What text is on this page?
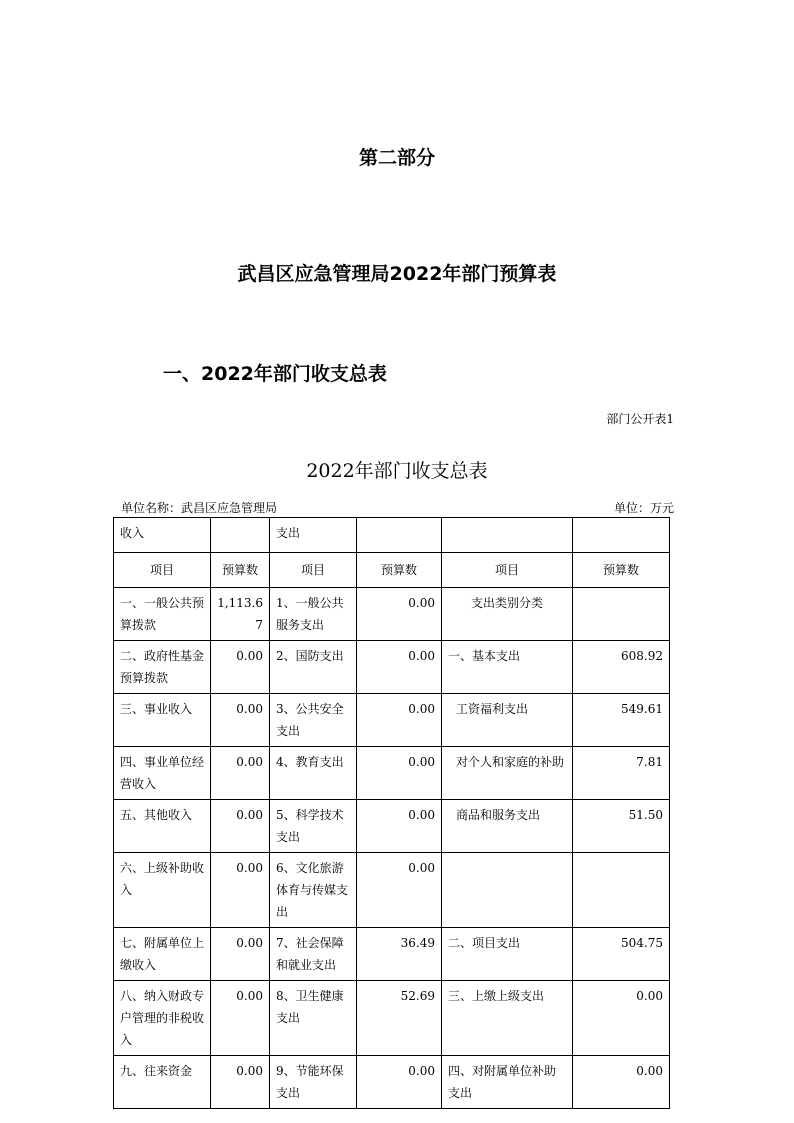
第二部分
武昌区应急管理局2022年部门预算表
一、2022年部门收支总表
部门公开表1
2022年部门收支总表
单位名称：武昌区应急管理局	单位：万元
收入		支出			
项目	预算数	项目	预算数	项目	预算数
一、一般公共预算拨款	1,113.67	1、一般公共服务支出	0.00	支出类别分类	
二、政府性基金预算拨款	0.00	2、国防支出	0.00	一、基本支出	608.92
三、事业收入	0.00	3、公共安全支出	0.00	工资福利支出	549.61
四、事业单位经营收入	0.00	4、教育支出	0.00	对个人和家庭的补助	7.81
五、其他收入	0.00	5、科学技术支出	0.00	商品和服务支出	51.50
六、上级补助收入	0.00	6、文化旅游体育与传媒支出	0.00		
七、附属单位上缴收入	0.00	7、社会保障和就业支出	36.49	二、项目支出	504.75
八、纳入财政专户管理的非税收入	0.00	8、卫生健康支出	52.69	三、上缴上级支出	0.00
九、往来资金	0.00	9、节能环保支出	0.00	四、对附属单位补助支出	0.00
